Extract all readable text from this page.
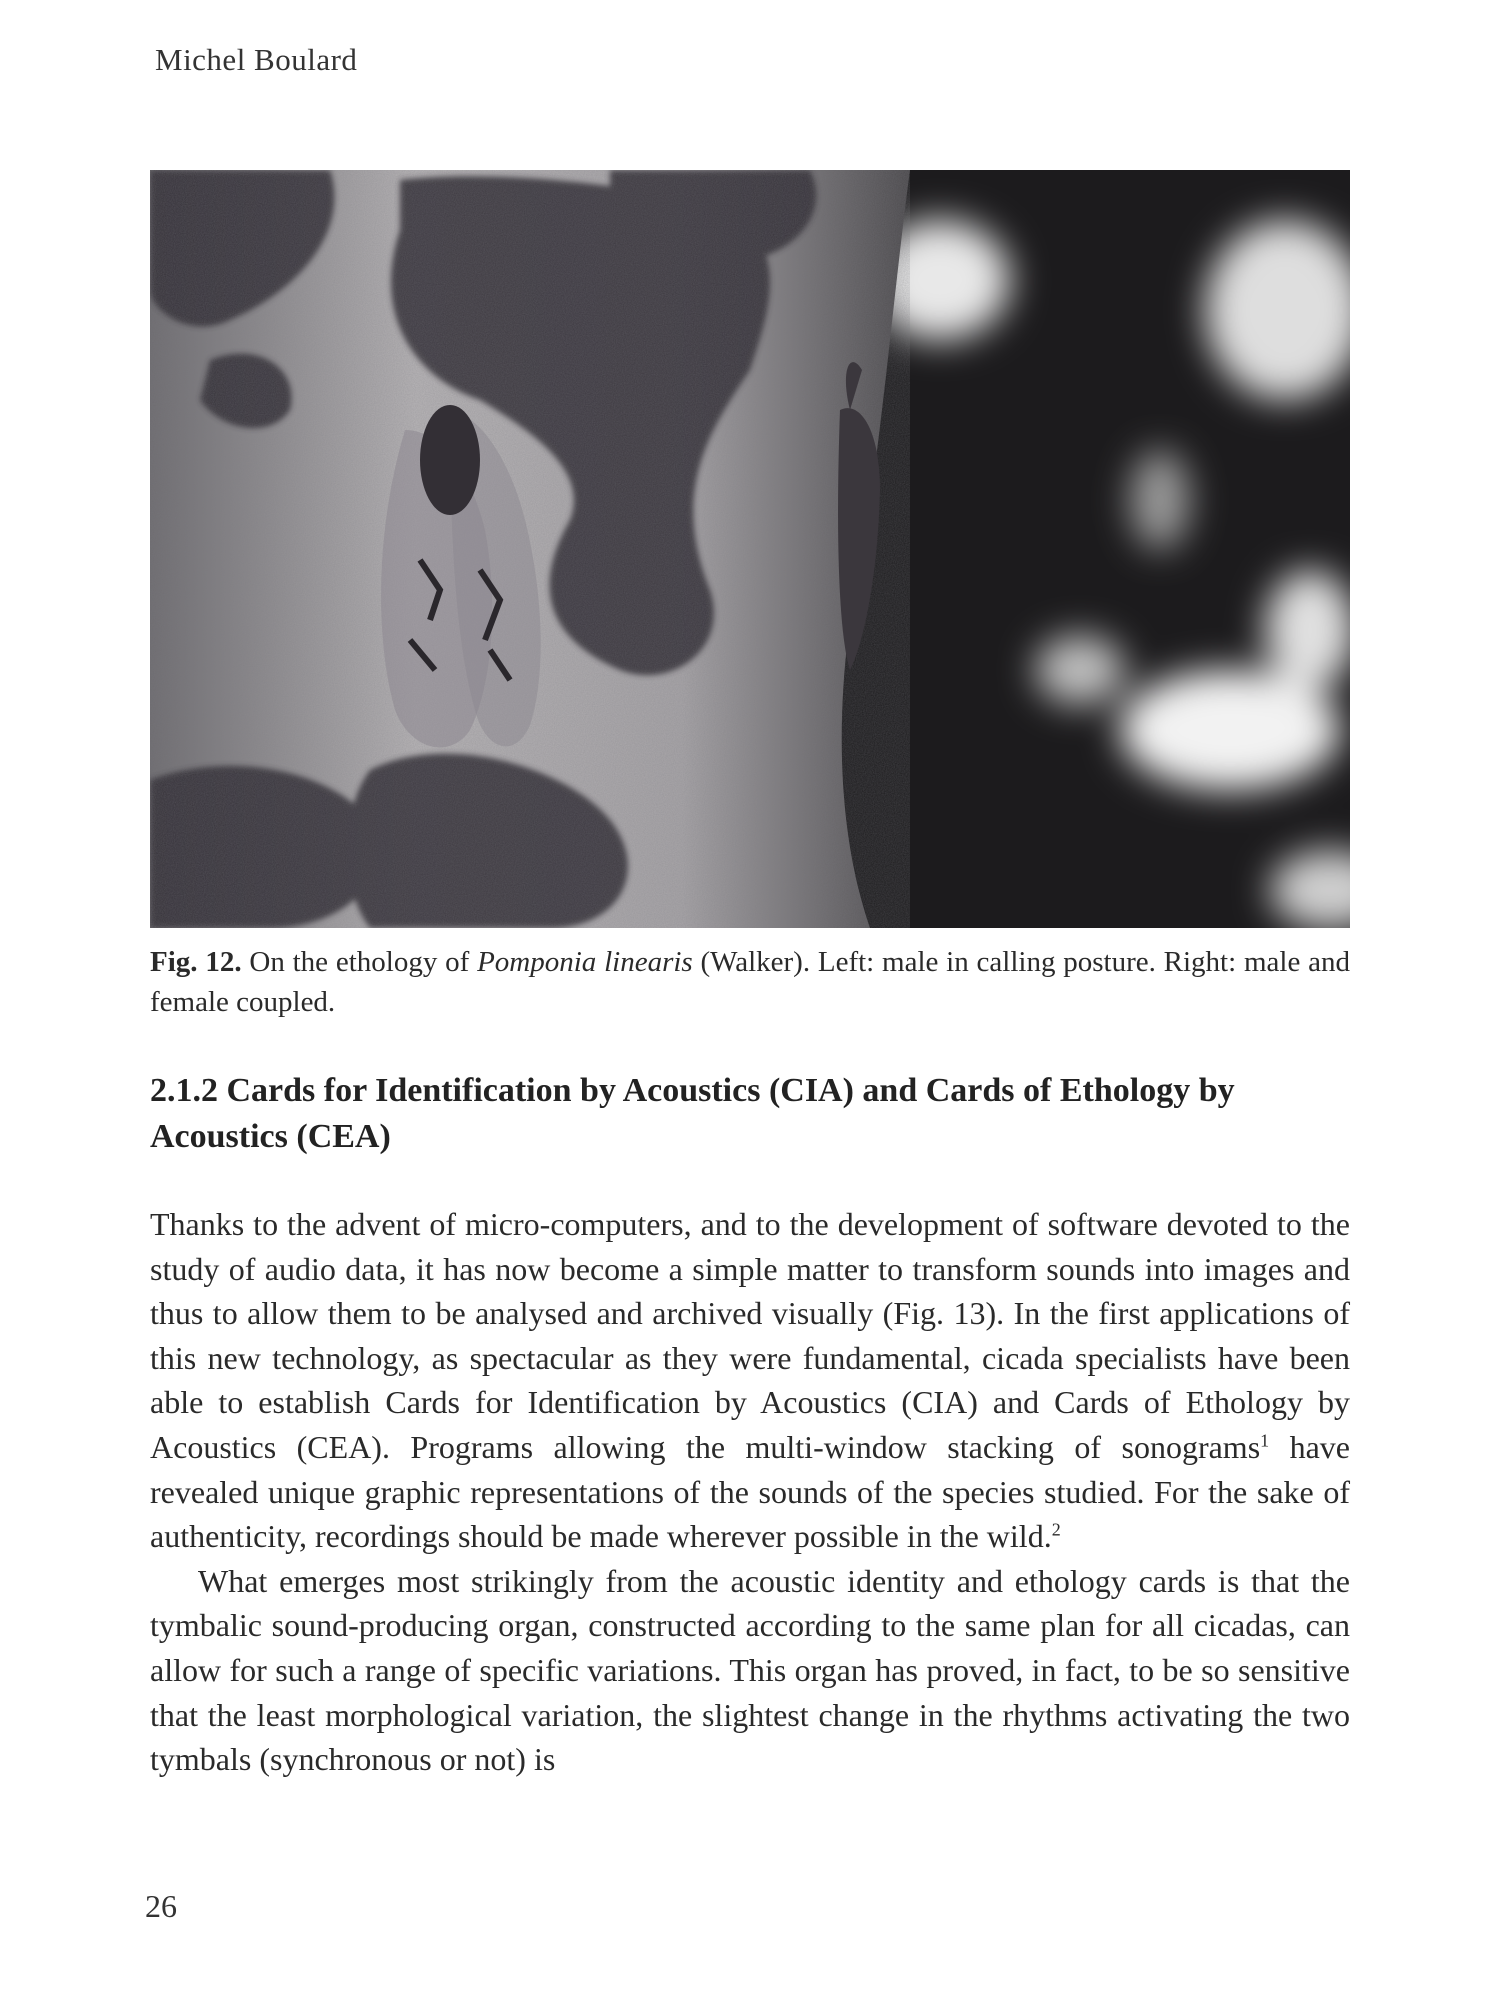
Michel Boulard
Fig. 12. On the ethology of Pomponia linearis (Walker). Left: male in calling posture. Right: male and female coupled.
2.1.2 Cards for Identification by Acoustics (CIA) and Cards of Ethology by Acoustics (CEA)

Thanks to the advent of micro-computers, and to the development of software devoted to the study of audio data, it has now become a simple matter to transform sounds into images and thus to allow them to be analysed and archived visually (Fig. 13). In the first applications of this new technology, as spectacular as they were fundamental, cicada specialists have been able to establish Cards for Identification by Acoustics (CIA) and Cards of Ethology by Acoustics (CEA). Programs allowing the multi-window stacking of sonograms$^1$ have revealed unique graphic representations of the sounds of the species studied. For the sake of authenticity, recordings should be made wherever possible in the wild.$^2$

What emerges most strikingly from the acoustic identity and ethology cards is that the tymbalic sound-producing organ, constructed according to the same plan for all cicadas, can allow for such a range of specific variations. This organ has proved, in fact, to be so sensitive that the least morphological variation, the slightest change in the rhythms activating the two tymbals (synchronous or not) is

26
